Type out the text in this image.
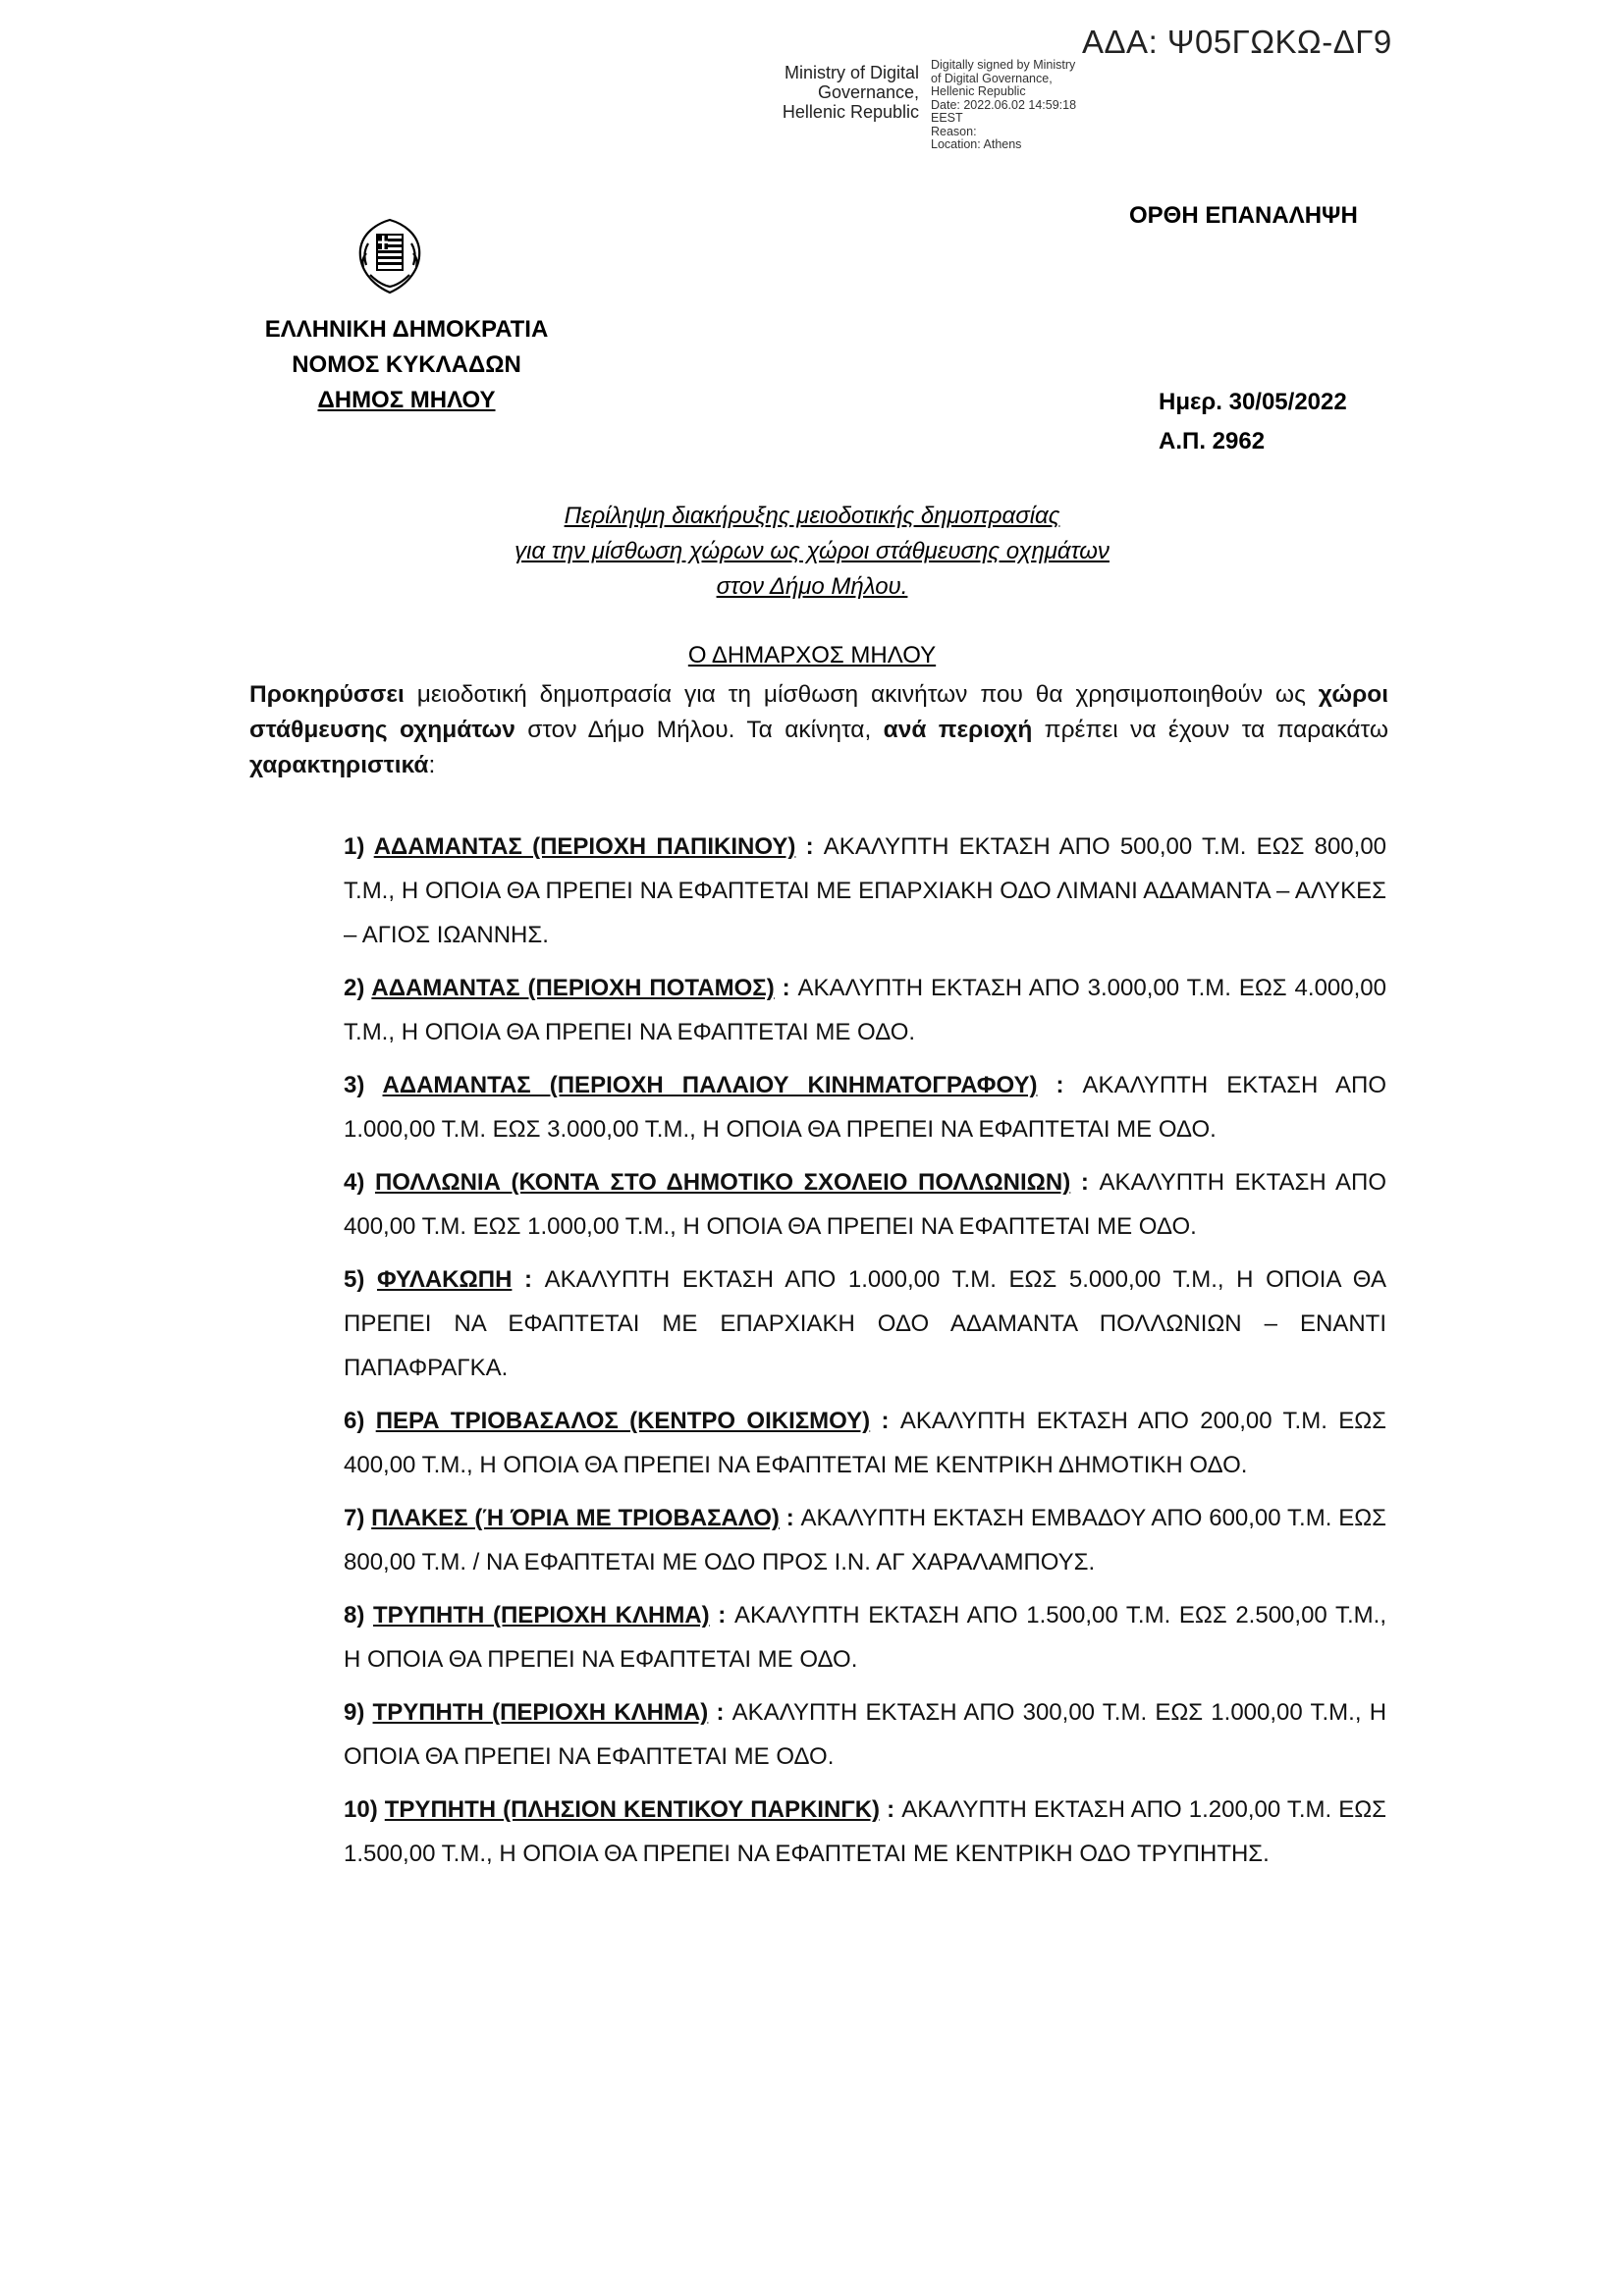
ΑΔΑ: Ψ05ΓΩΚΩ-ΔΓ9
Ministry of Digital
Governance,
Hellenic Republic
Digitally signed by Ministry
of Digital Governance,
Hellenic Republic
Date: 2022.06.02 14:59:18
EEST
Reason:
Location: Athens
ΟΡΘΗ ΕΠΑΝΑΛΗΨΗ
ΕΛΛΗΝΙΚΗ ΔΗΜΟΚΡΑΤΙΑ
ΝΟΜΟΣ ΚΥΚΛΑΔΩΝ
ΔΗΜΟΣ ΜΗΛΟΥ	Ημερ. 30/05/2022
Α.Π. 2962
Περίληψη διακήρυξης μειοδοτικής δημοπρασίας
για την μίσθωση χώρων ως χώροι στάθμευσης οχημάτων
στον Δήμο Μήλου.
Ο ΔΗΜΑΡΧΟΣ ΜΗΛΟΥ
Προκηρύσσει μειοδοτική δημοπρασία για τη μίσθωση ακινήτων που θα χρησιμοποιηθούν ως χώροι στάθμευσης οχημάτων στον Δήμο Μήλου. Τα ακίνητα, ανά περιοχή πρέπει να έχουν τα παρακάτω χαρακτηριστικά:
1) ΑΔΑΜΑΝΤΑΣ (ΠΕΡΙΟΧΗ ΠΑΠΙΚΙΝΟΥ) : ΑΚΑΛΥΠΤΗ ΕΚΤΑΣΗ ΑΠΟ 500,00 Τ.Μ. ΕΩΣ 800,00 Τ.Μ., Η ΟΠΟΙΑ ΘΑ ΠΡΕΠΕΙ ΝΑ ΕΦΑΠΤΕΤΑΙ ΜΕ ΕΠΑΡΧΙΑΚΗ ΟΔΟ ΛΙΜΑΝΙ ΑΔΑΜΑΝΤΑ – ΑΛΥΚΕΣ – ΑΓΙΟΣ ΙΩΑΝΝΗΣ.
2) ΑΔΑΜΑΝΤΑΣ (ΠΕΡΙΟΧΗ ΠΟΤΑΜΟΣ) : ΑΚΑΛΥΠΤΗ ΕΚΤΑΣΗ ΑΠΟ 3.000,00 Τ.Μ. ΕΩΣ 4.000,00 Τ.Μ., Η ΟΠΟΙΑ ΘΑ ΠΡΕΠΕΙ ΝΑ ΕΦΑΠΤΕΤΑΙ ΜΕ ΟΔΟ.
3) ΑΔΑΜΑΝΤΑΣ (ΠΕΡΙΟΧΗ ΠΑΛΑΙΟΥ ΚΙΝΗΜΑΤΟΓΡΑΦΟΥ) : ΑΚΑΛΥΠΤΗ ΕΚΤΑΣΗ ΑΠΟ 1.000,00 Τ.Μ. ΕΩΣ 3.000,00 Τ.Μ., Η ΟΠΟΙΑ ΘΑ ΠΡΕΠΕΙ ΝΑ ΕΦΑΠΤΕΤΑΙ ΜΕ ΟΔΟ.
4) ΠΟΛΛΩΝΙΑ (ΚΟΝΤΑ ΣΤΟ ΔΗΜΟΤΙΚΟ ΣΧΟΛΕΙΟ ΠΟΛΛΩΝΙΩΝ) : ΑΚΑΛΥΠΤΗ ΕΚΤΑΣΗ ΑΠΟ 400,00 Τ.Μ. ΕΩΣ 1.000,00 Τ.Μ., Η ΟΠΟΙΑ ΘΑ ΠΡΕΠΕΙ ΝΑ ΕΦΑΠΤΕΤΑΙ ΜΕ ΟΔΟ.
5) ΦΥΛΑΚΩΠΗ : ΑΚΑΛΥΠΤΗ ΕΚΤΑΣΗ ΑΠΟ 1.000,00 Τ.Μ. ΕΩΣ 5.000,00 Τ.Μ., Η ΟΠΟΙΑ ΘΑ ΠΡΕΠΕΙ ΝΑ ΕΦΑΠΤΕΤΑΙ ΜΕ ΕΠΑΡΧΙΑΚΗ ΟΔΟ ΑΔΑΜΑΝΤΑ ΠΟΛΛΩΝΙΩΝ – ΕΝΑΝΤΙ ΠΑΠΑΦΡΑΓΚΑ.
6) ΠΕΡΑ ΤΡΙΟΒΑΣΑΛΟΣ (ΚΕΝΤΡΟ ΟΙΚΙΣΜΟΥ) : ΑΚΑΛΥΠΤΗ ΕΚΤΑΣΗ ΑΠΟ 200,00 Τ.Μ. ΕΩΣ 400,00 Τ.Μ., Η ΟΠΟΙΑ ΘΑ ΠΡΕΠΕΙ ΝΑ ΕΦΑΠΤΕΤΑΙ ΜΕ ΚΕΝΤΡΙΚΗ ΔΗΜΟΤΙΚΗ ΟΔΟ.
7) ΠΛΑΚΕΣ (Ή ΌΡΙΑ ΜΕ ΤΡΙΟΒΑΣΑΛΟ) : ΑΚΑΛΥΠΤΗ ΕΚΤΑΣΗ ΕΜΒΑΔΟΥ ΑΠΟ 600,00 Τ.Μ. ΕΩΣ 800,00 Τ.Μ. / ΝΑ ΕΦΑΠΤΕΤΑΙ ΜΕ ΟΔΟ ΠΡΟΣ Ι.Ν. ΑΓ ΧΑΡΑΛΑΜΠΟΥΣ.
8) ΤΡΥΠΗΤΗ (ΠΕΡΙΟΧΗ ΚΛΗΜΑ) : ΑΚΑΛΥΠΤΗ ΕΚΤΑΣΗ ΑΠΟ 1.500,00 Τ.Μ. ΕΩΣ 2.500,00 Τ.Μ., Η ΟΠΟΙΑ ΘΑ ΠΡΕΠΕΙ ΝΑ ΕΦΑΠΤΕΤΑΙ ΜΕ ΟΔΟ.
9) ΤΡΥΠΗΤΗ (ΠΕΡΙΟΧΗ ΚΛΗΜΑ) : ΑΚΑΛΥΠΤΗ ΕΚΤΑΣΗ ΑΠΟ 300,00 Τ.Μ. ΕΩΣ 1.000,00 Τ.Μ., Η ΟΠΟΙΑ ΘΑ ΠΡΕΠΕΙ ΝΑ ΕΦΑΠΤΕΤΑΙ ΜΕ ΟΔΟ.
10) ΤΡΥΠΗΤΗ (ΠΛΗΣΙΟΝ ΚΕΝΤΙΚΟΥ ΠΑΡΚΙΝΓΚ) : ΑΚΑΛΥΠΤΗ ΕΚΤΑΣΗ ΑΠΟ 1.200,00 Τ.Μ. ΕΩΣ 1.500,00 Τ.Μ., Η ΟΠΟΙΑ ΘΑ ΠΡΕΠΕΙ ΝΑ ΕΦΑΠΤΕΤΑΙ ΜΕ ΚΕΝΤΡΙΚΗ ΟΔΟ ΤΡΥΠΗΤΗΣ.
